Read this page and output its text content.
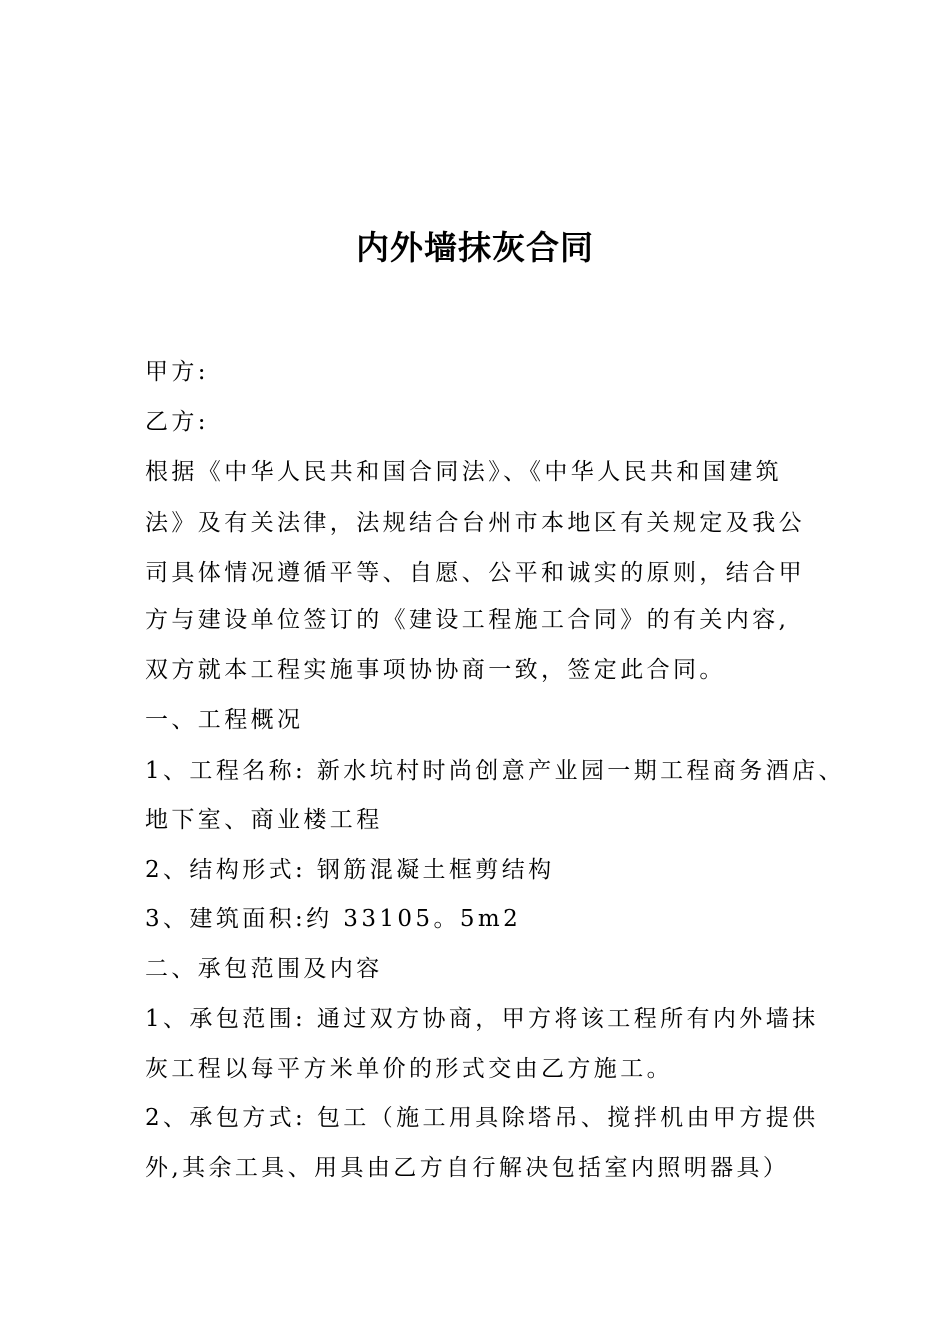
内外墙抹灰合同

甲方:

乙方:

根据《中华人民共和国合同法》、《中华人民共和国建筑

法》及有关法律，法规结合台州市本地区有关规定及我公

司具体情况遵循平等、自愿、公平和诚实的原则，结合甲

方与建设单位签订的《建设工程施工合同》的有关内容,

双方就本工程实施事项协协商一致，签定此合同。

一、工程概况

1、工程名称: 新水坑村时尚创意产业园一期工程商务酒店、

地下室、商业楼工程

2、结构形式: 钢筋混凝土框剪结构

3、建筑面积:约 33105。5m2

二、承包范围及内容

1、承包范围: 通过双方协商，甲方将该工程所有内外墙抹

灰工程以每平方米单价的形式交由乙方施工。

2、承包方式: 包工（施工用具除塔吊、搅拌机由甲方提供

外,其余工具、用具由乙方自行解决包括室内照明器具）
